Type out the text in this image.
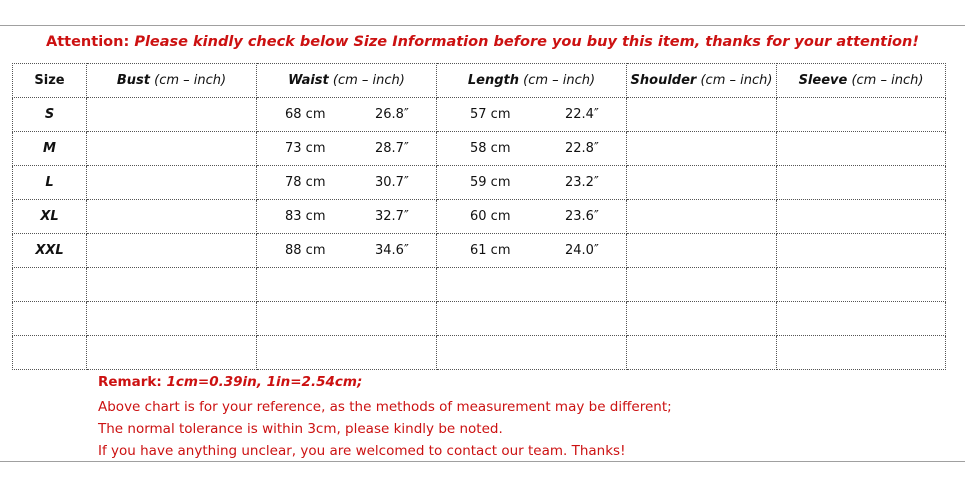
Attention: Please kindly check below Size Information before you buy this item, thanks for your attention!
Size	Bust (cm – inch)	Waist (cm – inch)	Length (cm – inch)	Shoulder (cm – inch)	Sleeve (cm – inch)
S		68 cm 26.8″	57 cm 22.4″		

M		73 cm 28.7″	58 cm 22.8″		

L		78 cm 30.7″	59 cm 23.2″		

XL		83 cm 32.7″	60 cm 23.6″		

XXL		88 cm 34.6″	61 cm 24.0″		

Remark: 1cm=0.39in, 1in=2.54cm;
Above chart is for your reference, as the methods of measurement may be different;
The normal tolerance is within 3cm, please kindly be noted.
If you have anything unclear, you are welcomed to contact our team. Thanks!
